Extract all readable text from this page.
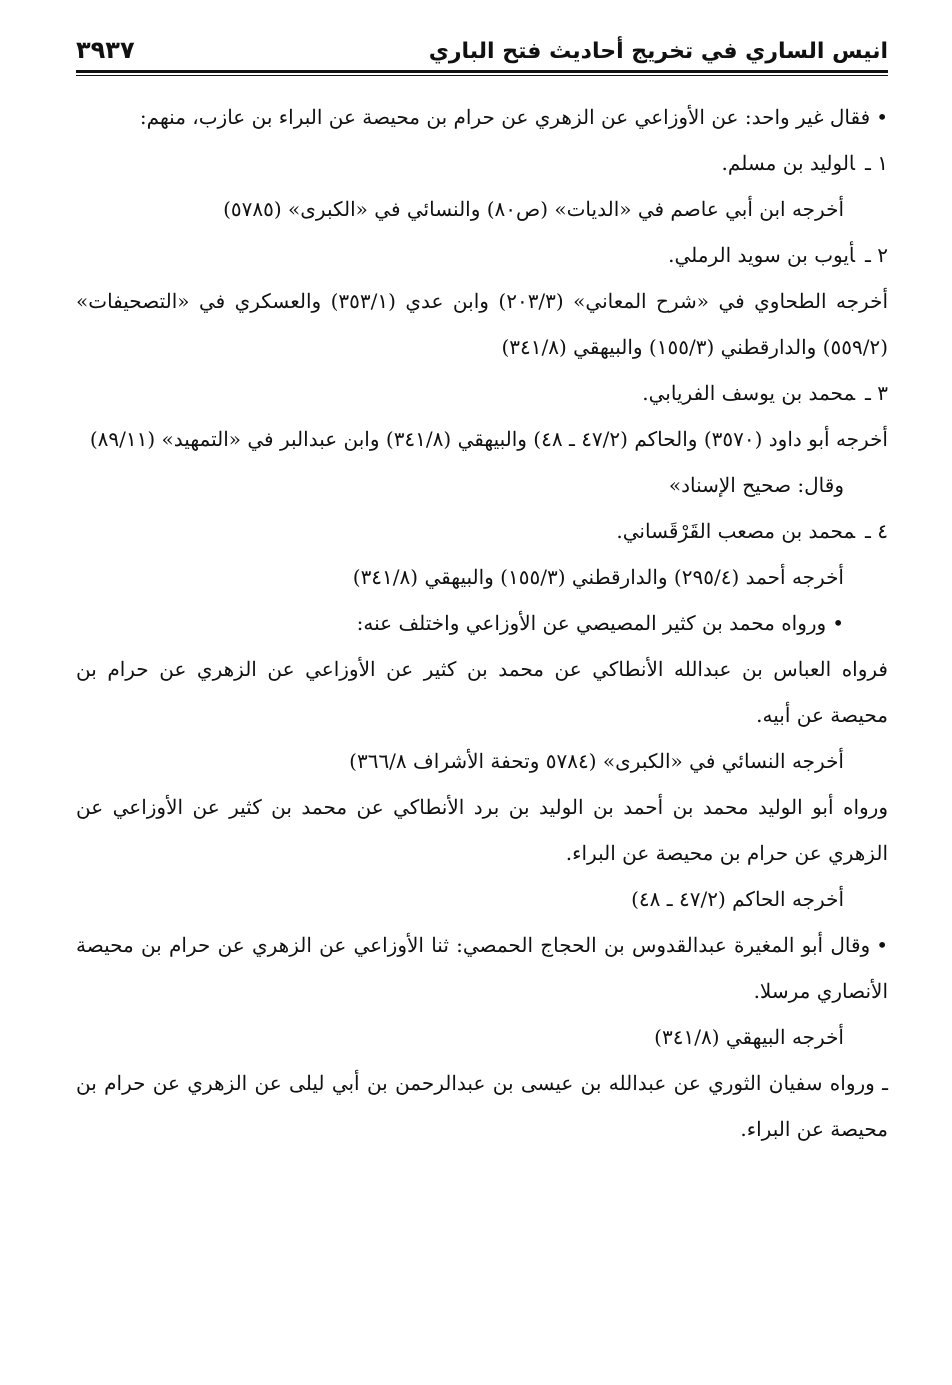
انيس الساري في تخريج أحاديث فتح الباري
٣٩٣٧

•فقال غير واحد: عن الأوزاعي عن الزهري عن حرام بن محيصة عن البراء بن عازب، منهم:

١ ـالوليد بن مسلم.

أخرجه ابن أبي عاصم في «الديات» (ص٨٠) والنسائي في «الكبرى» (٥٧٨٥)

٢ ـأيوب بن سويد الرملي.

أخرجه الطحاوي في «شرح المعاني» (٢٠٣/٣) وابن عدي (٣٥٣/١) والعسكري في «التصحيفات» (٥٥٩/٢) والدارقطني (١٥٥/٣) والبيهقي (٣٤١/٨)

٣ ـمحمد بن يوسف الفريابي.

أخرجه أبو داود (٣٥٧٠) والحاكم (٤٧/٢ ـ ٤٨) والبيهقي (٣٤١/٨) وابن عبدالبر في «التمهيد» (٨٩/١١)

وقال: صحيح الإسناد»

٤ ـمحمد بن مصعب القَرْقَساني.

أخرجه أحمد (٢٩٥/٤) والدارقطني (١٥٥/٣) والبيهقي (٣٤١/٨)

•ورواه محمد بن كثير المصيصي عن الأوزاعي واختلف عنه:

فرواه العباس بن عبدالله الأنطاكي عن محمد بن كثير عن الأوزاعي عن الزهري عن حرام بن محيصة عن أبيه.

أخرجه النسائي في «الكبرى» (٥٧٨٤ وتحفة الأشراف ٣٦٦/٨)

ورواه أبو الوليد محمد بن أحمد بن الوليد بن برد الأنطاكي عن محمد بن كثير عن الأوزاعي عن الزهري عن حرام بن محيصة عن البراء.

أخرجه الحاكم (٤٧/٢ ـ ٤٨)

•وقال أبو المغيرة عبدالقدوس بن الحجاج الحمصي: ثنا الأوزاعي عن الزهري عن حرام بن محيصة الأنصاري مرسلا.

أخرجه البيهقي (٣٤١/٨)

ـ ورواه سفيان الثوري عن عبدالله بن عيسى بن عبدالرحمن بن أبي ليلى عن الزهري عن حرام بن محيصة عن البراء.
